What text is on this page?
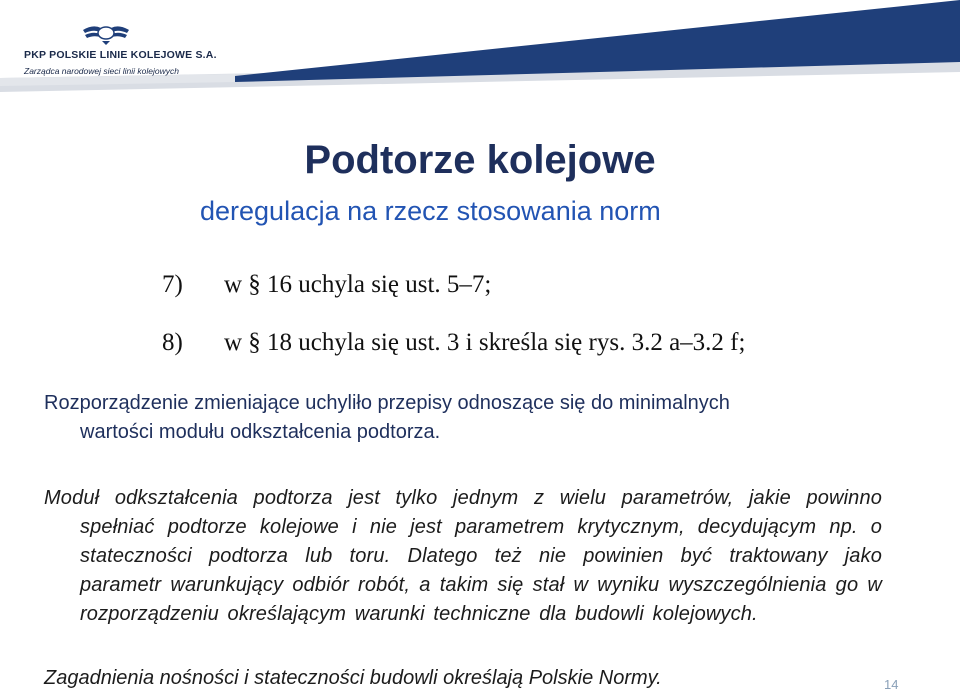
PKP POLSKIE LINIE KOLEJOWE S.A.
Zarządca narodowej sieci linii kolejowych
Podtorze kolejowe
deregulacja na rzecz stosowania norm
7) w § 16 uchyla się ust. 5–7;
8) w § 18 uchyla się ust. 3 i skreśla się rys. 3.2 a–3.2 f;
Rozporządzenie zmieniające uchyliło przepisy odnoszące się do minimalnych
wartości modułu odkształcenia podtorza.
Moduł odkształcenia podtorza jest tylko jednym z wielu parametrów, jakie powinno spełniać podtorze kolejowe i nie jest parametrem krytycznym, decydującym np. o stateczności podtorza lub toru. Dlatego też nie powinien być traktowany jako parametr warunkujący odbiór robót, a takim się stał w wyniku wyszczególnienia go w rozporządzeniu określającym warunki techniczne dla budowli kolejowych.
Zagadnienia nośności i stateczności budowli określają Polskie Normy.	14
